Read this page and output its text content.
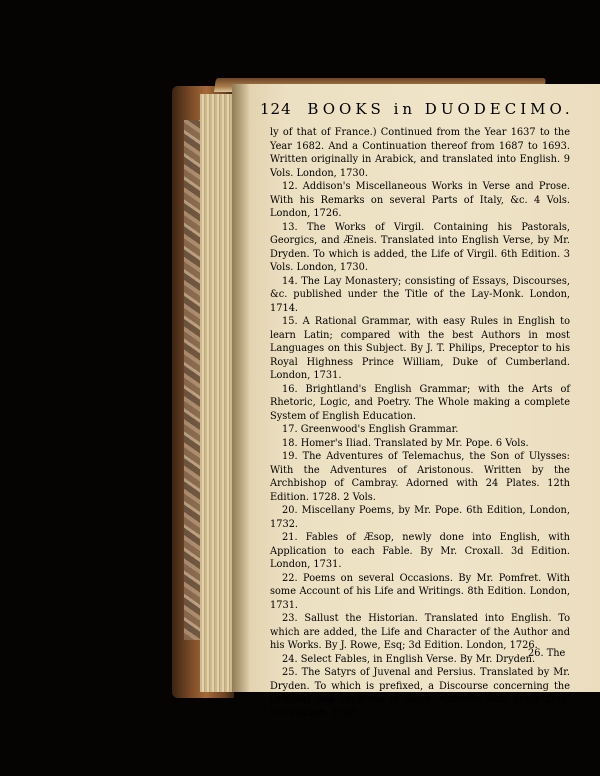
124 BOOKS in DUODECIMO.

ly of that of France.) Continued from the Year 1637 to the Year 1682. And a Continuation thereof from 1687 to 1693. Written originally in Arabick, and translated into English. 9 Vols. London, 1730.

12. Addison's Miscellaneous Works in Verse and Prose. With his Remarks on several Parts of Italy, &c. 4 Vols. London, 1726.

13. The Works of Virgil. Containing his Pastorals, Georgics, and Æneis. Translated into English Verse, by Mr. Dryden. To which is added, the Life of Virgil. 6th Edition. 3 Vols. London, 1730.

14. The Lay Monastery; consisting of Essays, Discourses, &c. published under the Title of the Lay-Monk. London, 1714.

15. A Rational Grammar, with easy Rules in English to learn Latin; compared with the best Authors in most Languages on this Subject. By J. T. Philips, Preceptor to his Royal Highness Prince William, Duke of Cumberland. London, 1731.

16. Brightland's English Grammar; with the Arts of Rhetoric, Logic, and Poetry. The Whole making a complete System of English Education.

17. Greenwood's English Grammar.

18. Homer's Iliad. Translated by Mr. Pope. 6 Vols.

19. The Adventures of Telemachus, the Son of Ulysses: With the Adventures of Aristonous. Written by the Archbishop of Cambray. Adorned with 24 Plates. 12th Edition. 1728. 2 Vols.

20. Miscellany Poems, by Mr. Pope. 6th Edition, London, 1732.

21. Fables of Æsop, newly done into English, with Application to each Fable. By Mr. Croxall. 3d Edition. London, 1731.

22. Poems on several Occasions. By Mr. Pomfret. With some Account of his Life and Writings. 8th Edition. London, 1731.

23. Sallust the Historian. Translated into English. To which are added, the Life and Character of the Author and his Works. By J. Rowe, Esq; 3d Edition. London, 1726.

24. Select Fables, in English Verse. By Mr. Dryden.

25. The Satyrs of Juvenal and Persius. Translated by Mr. Dryden. To which is prefixed, a Discourse concerning the Original and Progress of Satyr. Adorned with Sculptures. 5th Edition. 1726.

26. The
